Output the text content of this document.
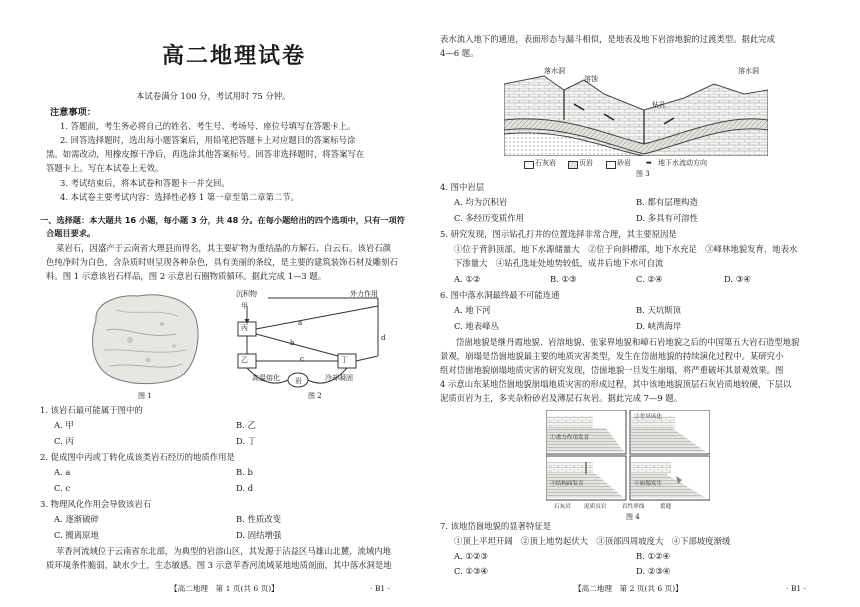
高二地理试卷
本试卷满分 100 分，考试用时 75 分钟。
注意事项：
1. 答题前，考生务必将自己的姓名、考生号、考场号、座位号填写在答题卡上。
2. 回答选择题时，选出每小题答案后，用铅笔把答题卡上对应题目的答案标号涂
黑。如需改动，用橡皮擦干净后，再选涂其他答案标号。回答非选择题时，将答案写在
答题卡上。写在本试卷上无效。
3. 考试结束后，将本试卷和答题卡一并交回。
4. 本试卷主要考试内容：选择性必修 1 第一章至第二章第二节。
一、选择题：本大题共 16 小题，每小题 3 分，共 48 分。在每小题给出的四个选项中，只有一项符
合题目要求。
菜岩石，因盛产于云南省大理县而得名，其主要矿物为重结晶的方解石、白云石。该岩石颜
色纯净时为白色，含杂质时则呈现各种杂色，具有美丽的条纹，是主要的建筑装饰石材及雕刻石
料。图 1 示意该岩石样品，图 2 示意岩石圈物质循环。据此完成 1—3 题。
图 1
沉积物	外力作用
甲
丙
乙	丁
a
b
c
d
高温熔化 岩	冷却凝固
图 2
1. 该岩石最可能属于图中的
A. 甲	B. 乙
C. 丙	D. 丁
2. 促成图中丙或丁转化成该类岩石经历的地质作用是
A. a	B. b
C. c	D. d
3. 物理风化作用会导致该岩石
A. 逐渐破碎	B. 性质改变
C. 搬离原地	D. 固结增强
苹香河流域位于云南省东北部，为典型的岩溶山区，其发源于沾益区马雄山北麓，流域内地
质环境条件脆弱，缺水少土，生态敏感。图 3 示意苹香河流域某地地质剖面，其中落水洞是地
【高二地理　第 1 页(共 6 页)】	· B1 ·
表水流入地下的通道，表面形态与漏斗相似，是地表及地下岩溶地貌的过渡类型。据此完成
4—6 题。
落水洞
溶蚀
钻孔
溶水洞
石灰岩	页岩	砂岩 ➡ 地下水流动方向
图 3
4. 图中岩层
A. 均为沉积岩	B. 都有层理构造
C. 多经历变质作用	D. 多具有可溶性
5. 研究发现，图示钻孔打井的位置选择非常合理，其主要原因是
①位于背斜顶部，地下水源储量大　②位于向斜槽部，地下水充足　③峰林地貌发育，地表水
下渗量大　④钻孔选址处地势较低，成井后地下水可自流
A. ①②	B. ①③	C. ②④	D. ③④
6. 图中落水洞最终最不可能连通
A. 地下河	B. 天坑斯顶
C. 地表峰丛	D. 峡湾海岸
岱崮地貌是继丹霞地貌、岩溶地貌、张家界地貌和嶂石岩地貌之后的中国第五大岩石造型地貌
景观，崩塌是岱崮地貌最主要的地质灾害类型，发生在岱崮地貌的持续演化过程中。某研究小
组对岱崮地貌崩塌地质灾害的研究发现，岱崮地貌一旦发生崩塌，将严重破坏其景观效果。图
4 示意山东某地岱崮地貌崩塌地质灾害的形成过程，其中该地地貌顶层石灰岩质地较硬，下层以
泥质页岩为主，多夹杂粉砂岩及薄层石灰岩。据此完成 7—9 题。
①重力作用发育
②差异风化
③结构面发育	④崩塌发生
石灰岩 泥质页岩	岩性界线	裂缝
图 4
7. 该地岱崮地貌的显著特征是
①顶上平坦开阔　②顶上地势起伏大　③顶部四周坡度大　④下部坡度渐缓
A. ①②③	B. ①②④
C. ①③④	D. ②③④
【高二地理　第 2 页(共 6 页)】	· B1 ·
